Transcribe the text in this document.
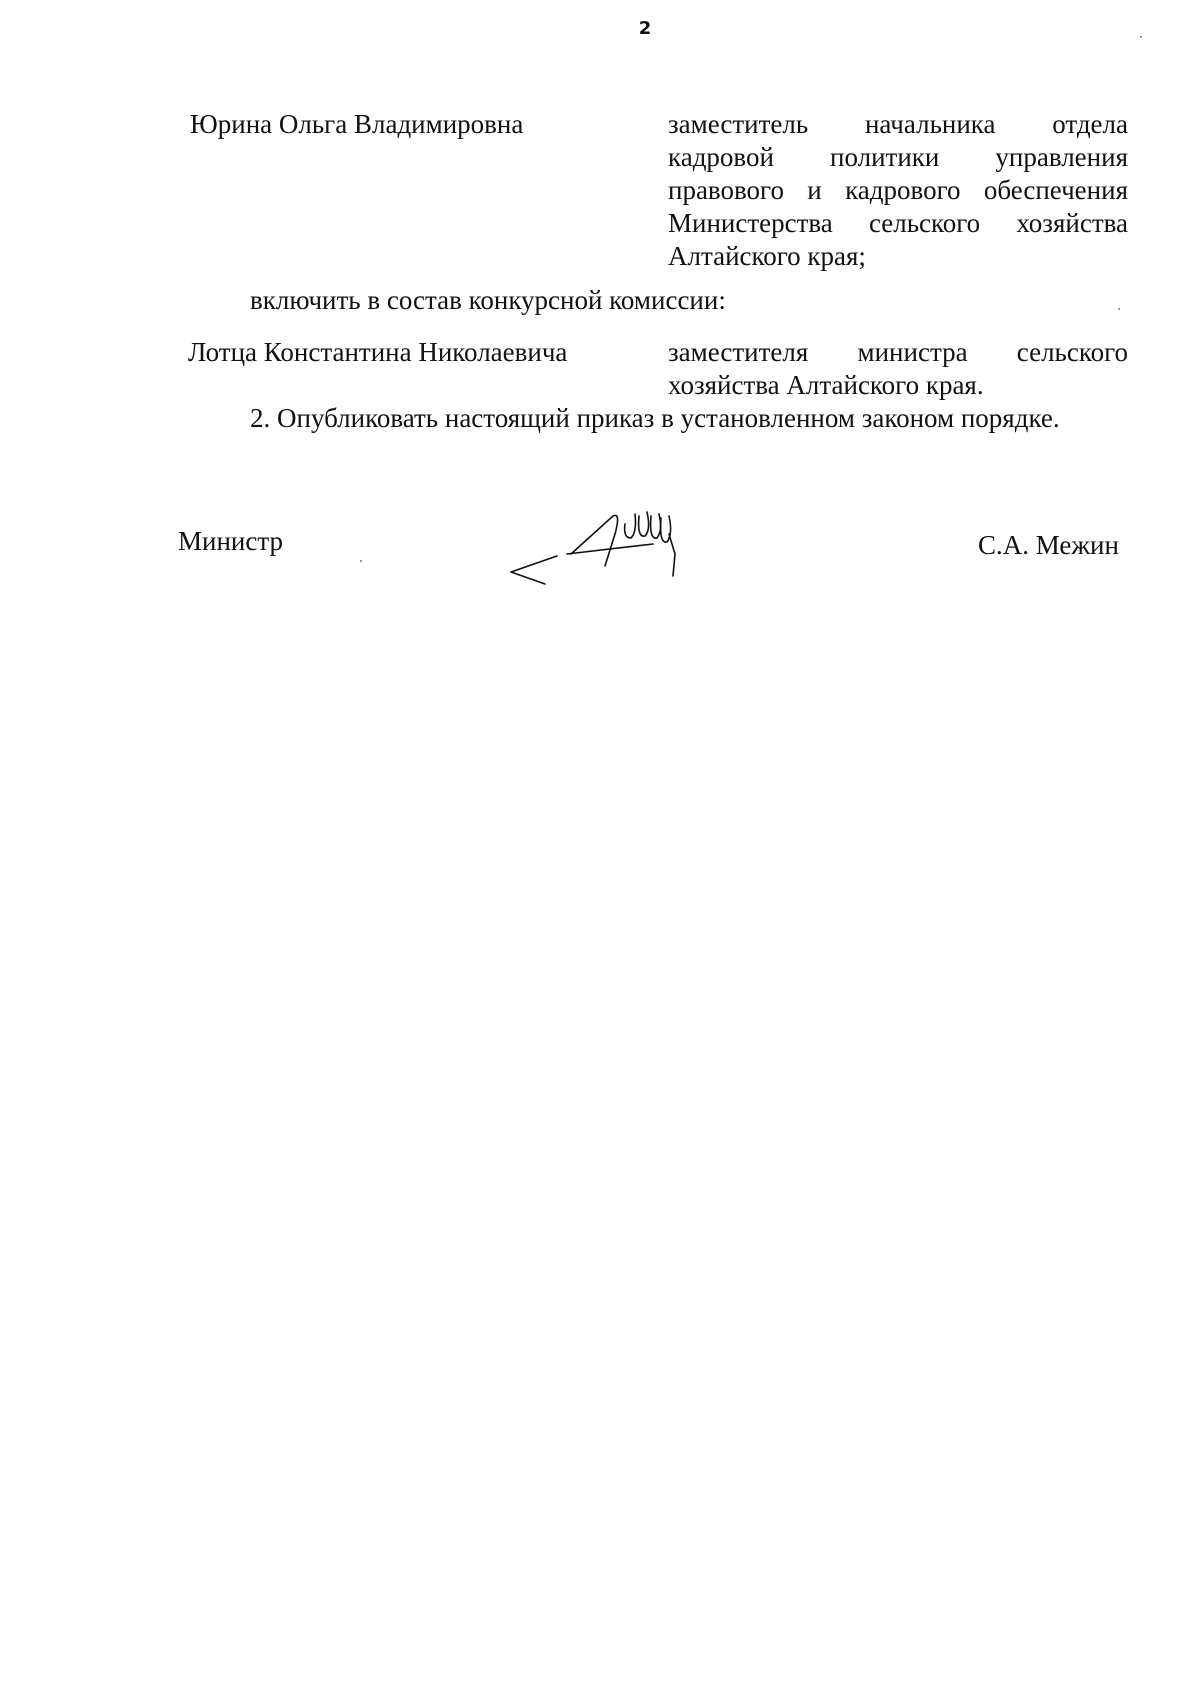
2
Юрина Ольга Владимировна	заместитель начальника отдела
кадровой политики управления
правового и кадрового обеспечения
Министерства сельского хозяйства
Алтайского края;
включить в состав конкурсной комиссии:
Лотца Константина Николаевича	заместителя министра сельского
хозяйства Алтайского края.
2. Опубликовать настоящий приказ в установленном законом порядке.
Министр	С.А. Межин
